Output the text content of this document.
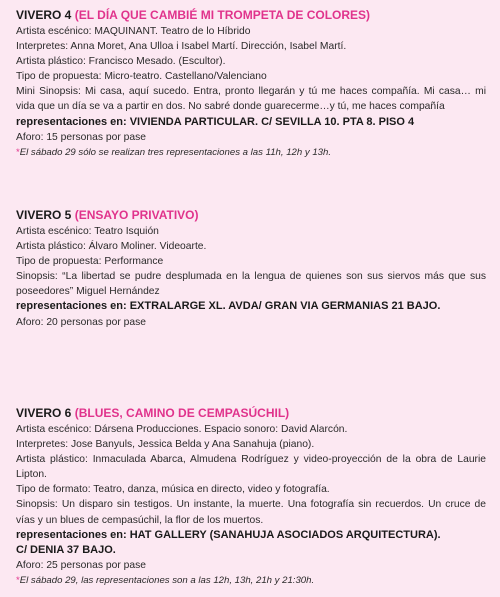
VIVERO 4 (EL DÍA QUE CAMBIÉ MI TROMPETA DE COLORES)
Artista escénico: MAQUINANT. Teatro de lo Híbrido
Interpretes: Anna Moret, Ana Ulloa i Isabel Martí. Dirección, Isabel Martí.
Artista plástico: Francisco Mesado. (Escultor).
Tipo de propuesta: Micro-teatro. Castellano/Valenciano
Mini Sinopsis: Mi casa, aquí sucedo. Entra, pronto llegarán y tú me haces compañía. Mi casa… mi vida que un día se va a partir en dos. No sabré donde guarecerme…y tú, me haces compañía
representaciones en: VIVIENDA PARTICULAR. C/ SEVILLA 10. PTA 8. PISO 4
Aforo: 15 personas por pase
*El sábado 29 sólo se realizan tres representaciones a las 11h, 12h y 13h.
VIVERO 5 (ENSAYO PRIVATIVO)
Artista escénico: Teatro Isquión
Artista plástico: Álvaro Moliner. Videoarte.
Tipo de propuesta: Performance
Sinopsis: “La libertad se pudre desplumada en la lengua de quienes son sus siervos más que sus poseedores” Miguel Hernández
representaciones en: EXTRALARGE XL. AVDA/ GRAN VIA GERMANIAS 21 BAJO.
Aforo: 20 personas por pase
VIVERO 6 (BLUES, CAMINO DE CEMPASÚCHIL)
Artista escénico: Dársena Producciones. Espacio sonoro: David Alarcón.
Interpretes: Jose Banyuls, Jessica Belda y Ana Sanahuja (piano).
Artista plástico: Inmaculada Abarca, Almudena Rodríguez y video-proyección de la obra de Laurie Lipton.
Tipo de formato: Teatro, danza, música en directo, video y fotografía.
Sinopsis: Un disparo sin testigos. Un instante, la muerte. Una fotografía sin recuerdos. Un cruce de vías y un blues de cempasúchil, la flor de los muertos.
representaciones en: HAT GALLERY (SANAHUJA ASOCIADOS ARQUITECTURA).
C/ DENIA 37 BAJO.
Aforo: 25 personas por pase
*El sábado 29, las representaciones son a las 12h, 13h, 21h y 21:30h.
